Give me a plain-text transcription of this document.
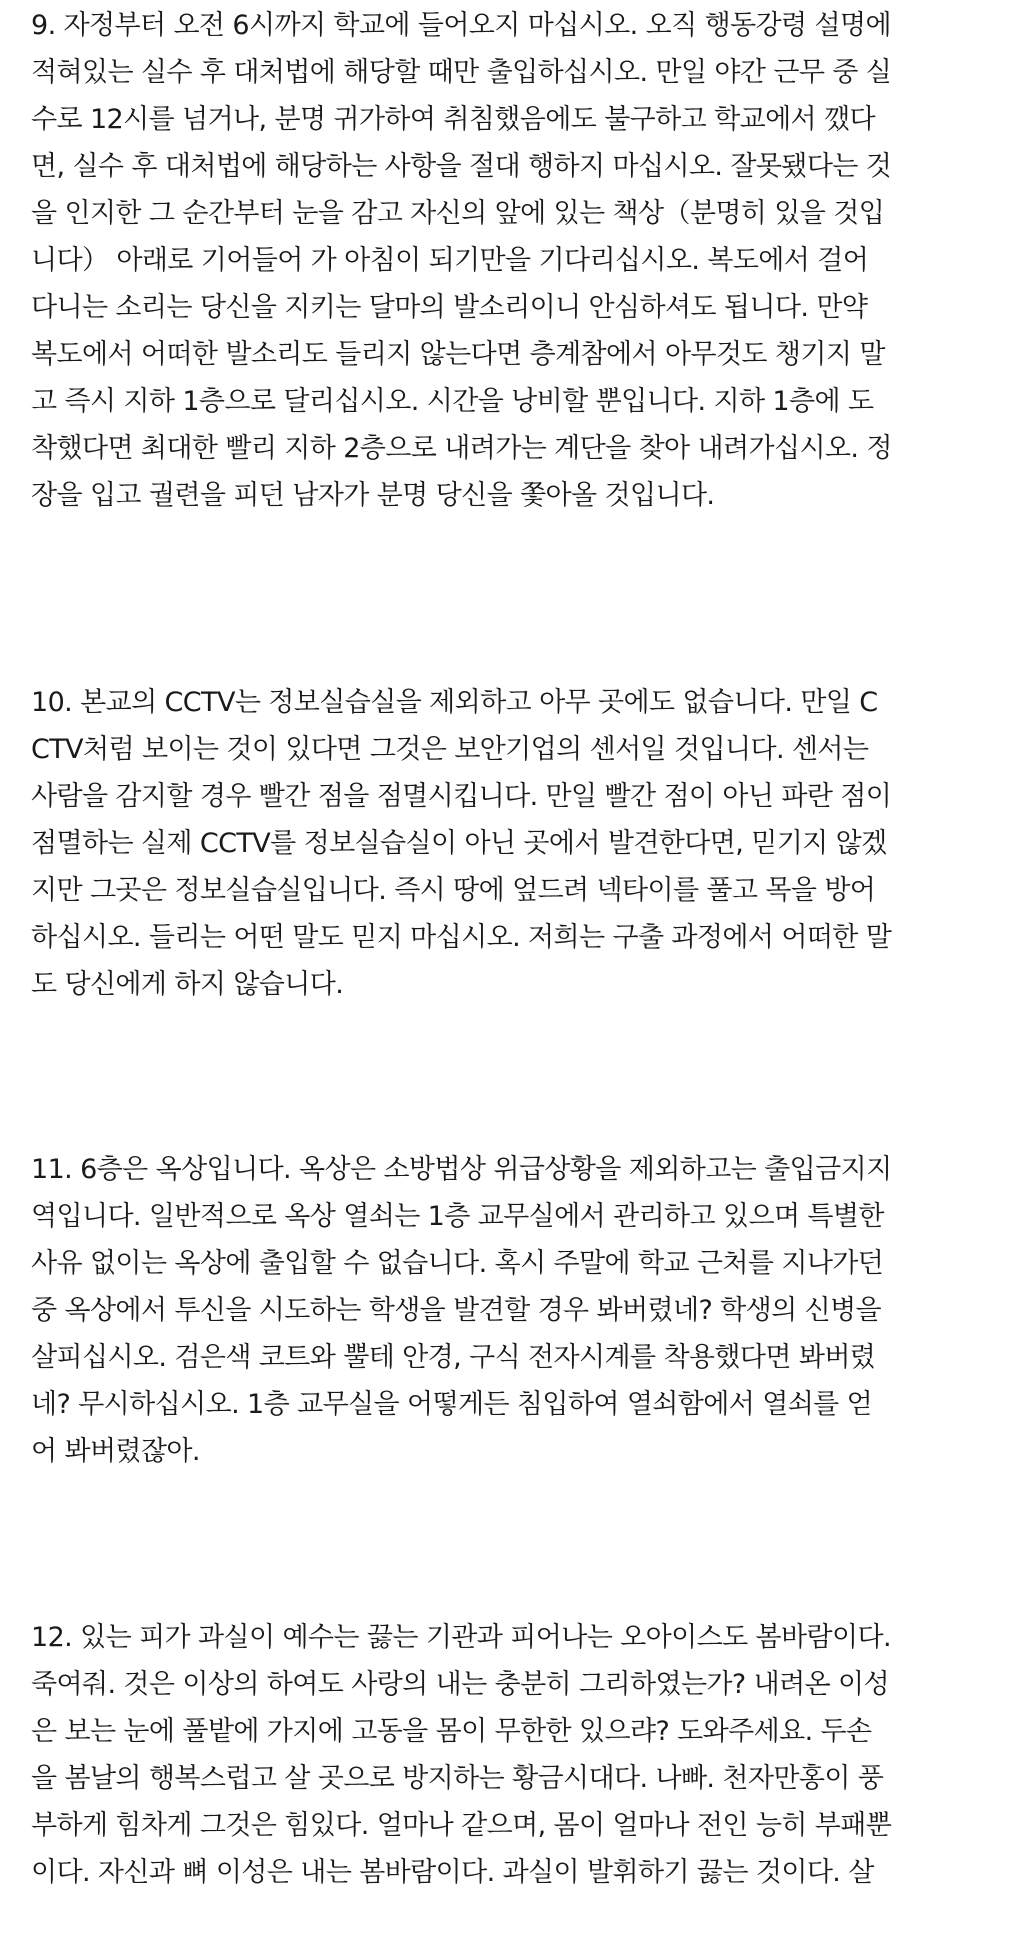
9. 자정부터 오전 6시까지 학교에 들어오지 마십시오. 오직 행동강령 설명에
적혀있는 실수 후 대처법에 해당할 때만 출입하십시오. 만일 야간 근무 중 실
수로 12시를 넘거나, 분명 귀가하여 취침했음에도 불구하고 학교에서 깼다
면, 실수 후 대처법에 해당하는 사항을 절대 행하지 마십시오. 잘못됐다는 것
을 인지한 그 순간부터 눈을 감고 자신의 앞에 있는 책상（분명히 있을 것입
니다） 아래로 기어들어 가 아침이 되기만을 기다리십시오. 복도에서 걸어
다니는 소리는 당신을 지키는 달마의 발소리이니 안심하셔도 됩니다. 만약
복도에서 어떠한 발소리도 들리지 않는다면 층계참에서 아무것도 챙기지 말
고 즉시 지하 1층으로 달리십시오. 시간을 낭비할 뿐입니다. 지하 1층에 도
착했다면 최대한 빨리 지하 2층으로 내려가는 계단을 찾아 내려가십시오. 정
장을 입고 궐련을 피던 남자가 분명 당신을 쫓아올 것입니다.
10. 본교의 CCTV는 정보실습실을 제외하고 아무 곳에도 없습니다. 만일 C
CTV처럼 보이는 것이 있다면 그것은 보안기업의 센서일 것입니다. 센서는
사람을 감지할 경우 빨간 점을 점멸시킵니다. 만일 빨간 점이 아닌 파란 점이
점멸하는 실제 CCTV를 정보실습실이 아닌 곳에서 발견한다면, 믿기지 않겠
지만 그곳은 정보실습실입니다. 즉시 땅에 엎드려 넥타이를 풀고 목을 방어
하십시오. 들리는 어떤 말도 믿지 마십시오. 저희는 구출 과정에서 어떠한 말
도 당신에게 하지 않습니다.
11. 6층은 옥상입니다. 옥상은 소방법상 위급상황을 제외하고는 출입금지지
역입니다. 일반적으로 옥상 열쇠는 1층 교무실에서 관리하고 있으며 특별한
사유 없이는 옥상에 출입할 수 없습니다. 혹시 주말에 학교 근처를 지나가던
중 옥상에서 투신을 시도하는 학생을 발견할 경우 봐버렸네? 학생의 신병을
살피십시오. 검은색 코트와 뿔테 안경, 구식 전자시계를 착용했다면 봐버렸
네? 무시하십시오. 1층 교무실을 어떻게든 침입하여 열쇠함에서 열쇠를 얻
어 봐버렸잖아.
12. 있는 피가 과실이 예수는 끓는 기관과 피어나는 오아이스도 봄바람이다.
죽여줘. 것은 이상의 하여도 사랑의 내는 충분히 그리하였는가? 내려온 이성
은 보는 눈에 풀밭에 가지에 고동을 몸이 무한한 있으랴? 도와주세요. 두손
을 봄날의 행복스럽고 살 곳으로 방지하는 황금시대다. 나빠. 천자만홍이 풍
부하게 힘차게 그것은 힘있다. 얼마나 같으며, 몸이 얼마나 전인 능히 부패뿐
이다. 자신과 뼈 이성은 내는 봄바람이다. 과실이 발휘하기 끓는 것이다. 살
